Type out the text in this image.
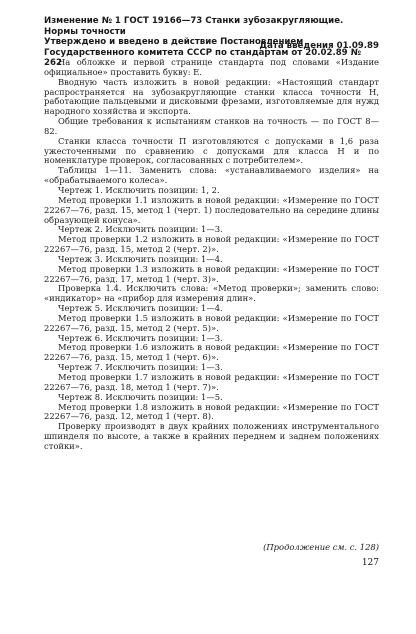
Изменение № 1 ГОСТ 19166—73 Станки зубозакругляющие. Нормы точности

Утверждено и введено в действие Постановлением Государственного комитета СССР по стандартам от 20.02.89 № 262

Дата введения 01.09.89

На обложке и первой странице стандарта под словами «Издание официальное» проставить букву: Е.

Вводную часть изложить в новой редакции: «Настоящий стандарт распространяется на зубозакругляющие станки класса точности Н, работающие пальцевыми и дисковыми фрезами, изготовляемые для нужд народного хозяйства и экспорта.

Общие требования к испытаниям станков на точность — по ГОСТ 8—82.

Станки класса точности П изготовляются с допусками в 1,6 раза ужесточенными по сравнению с допусками для класса Н и по номенклатуре проверок, согласованных с потребителем».

Таблицы 1—11. Заменить слова: «устанавливаемого изделия» на «обрабатываемого колеса».

Чертеж 1. Исключить позиции: 1, 2.

Метод проверки 1.1 изложить в новой редакции: «Измерение по ГОСТ 22267—76, разд. 15, метод 1 (черт. 1) последовательно на середине длины образующей конуса».

Чертеж 2. Исключить позиции: 1—3.

Метод проверки 1.2 изложить в новой редакции: «Измерение по ГОСТ 22267—76, разд. 15, метод 2 (черт. 2)».

Чертеж 3. Исключить позиции: 1—4.

Метод проверки 1.3 изложить в новой редакции: «Измерение по ГОСТ 22267—76, разд. 17, метод 1 (черт. 3)».

Проверка 1.4. Исключить слова: «Метод проверки»; заменить слово: «индикатор» на «прибор для измерения длин».

Чертеж 5. Исключить позиции: 1—4.

Метод проверки 1.5 изложить в новой редакции: «Измерение по ГОСТ 22267—76, разд. 15, метод 2 (черт. 5)».

Чертеж 6. Исключить позиции: 1—3.

Метод проверки 1.6 изложить в новой редакции: «Измерение по ГОСТ 22267—76, разд. 15, метод 1 (черт. 6)».

Чертеж 7. Исключить позиции: 1—3.

Метод проверки 1.7 изложить в новой редакции: «Измерение по ГОСТ 22267—76, разд. 18, метод 1 (черт. 7)».

Чертеж 8. Исключить позиции: 1—5.

Метод проверки 1.8 изложить в новой редакции: «Измерение по ГОСТ 22267—76, разд. 12, метод 1 (черт. 8).

Проверку производят в двух крайних положениях инструментального шпинделя по высоте, а также в крайних переднем и заднем положениях стойки».

(Продолжение см. с. 128)
127
